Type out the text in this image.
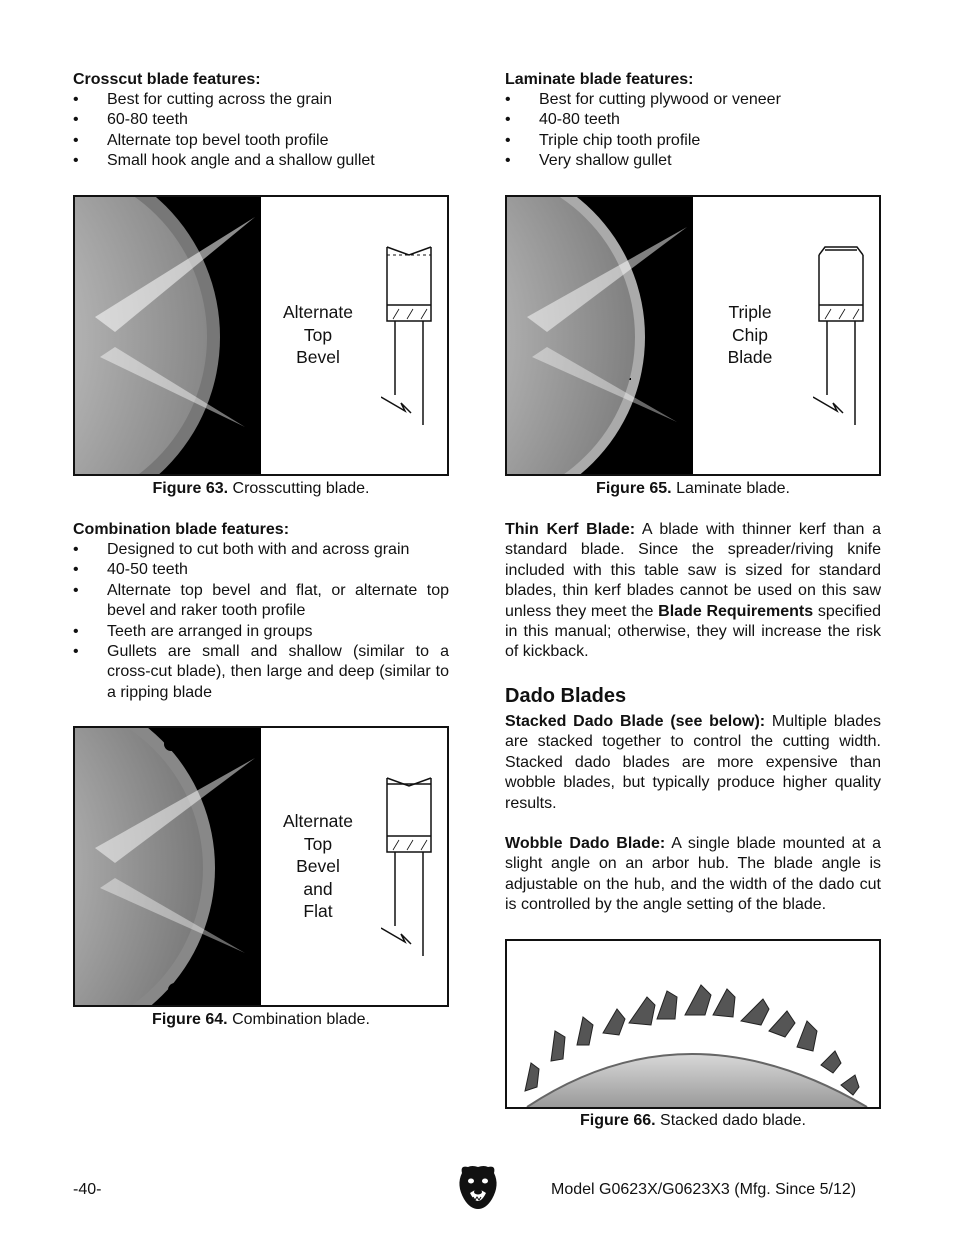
Crosscut blade features:

• Best for cutting across the grain
• 60-80 teeth
• Alternate top bevel tooth profile
• Small hook angle and a shallow gullet
Alternate
Top
Bevel
Figure 63. Crosscutting blade.

Combination blade features:

• Designed to cut both with and across grain
• 40-50 teeth
• Alternate top bevel and flat, or alternate top bevel and raker tooth profile
• Teeth are arranged in groups
• Gullets are small and shallow (similar to a cross-cut blade), then large and deep (similar to a ripping blade
Alternate
Top
Bevel
and
Flat
Figure 64. Combination blade.

Laminate blade features:

• Best for cutting plywood or veneer
• 40-80 teeth
• Triple chip tooth profile
• Very shallow gullet
Triple
Chip
Blade
Figure 65. Laminate blade.

Thin Kerf Blade: A blade with thinner kerf than a standard blade. Since the spreader/riving knife included with this table saw is sized for standard blades, thin kerf blades cannot be used on this saw unless they meet the Blade Requirements specified in this manual; otherwise, they will increase the risk of kickback.

Dado Blades

Stacked Dado Blade (see below): Multiple blades are stacked together to control the cutting width. Stacked dado blades are more expensive than wobble blades, but typically produce higher quality results.

Wobble Dado Blade: A single blade mounted at a slight angle on an arbor hub. The blade angle is adjustable on the hub, and the width of the dado cut is controlled by the angle setting of the blade.

Figure 66. Stacked dado blade.
-40-	Model G0623X/G0623X3 (Mfg. Since 5/12)
